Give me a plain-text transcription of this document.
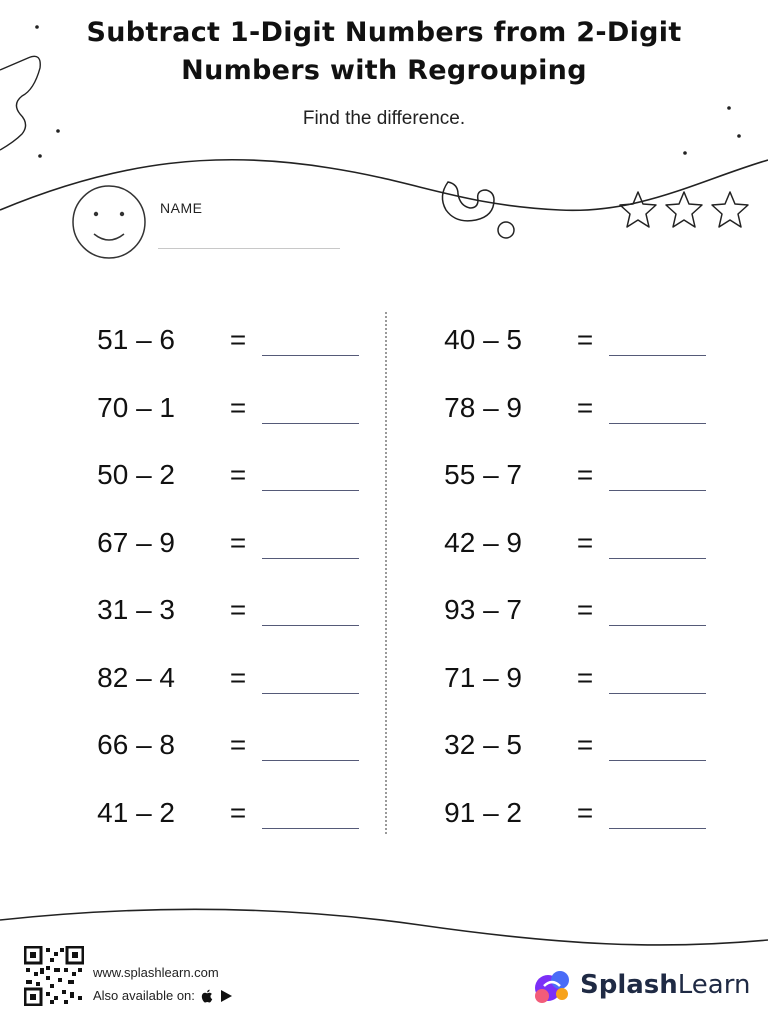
Subtract 1-Digit Numbers from 2-Digit
Numbers with Regrouping
Find the difference.
NAME
51 – 6 =
70 – 1 =
50 – 2 =
67 – 9 =
31 – 3 =
82 – 4 =
66 – 8 =
41 – 2 =
40 – 5 =
78 – 9 =
55 – 7 =
42 – 9 =
93 – 7 =
71 – 9 =
32 – 5 =
91 – 2 =
www.splashlearn.com
Also available on:	SplashLearn
